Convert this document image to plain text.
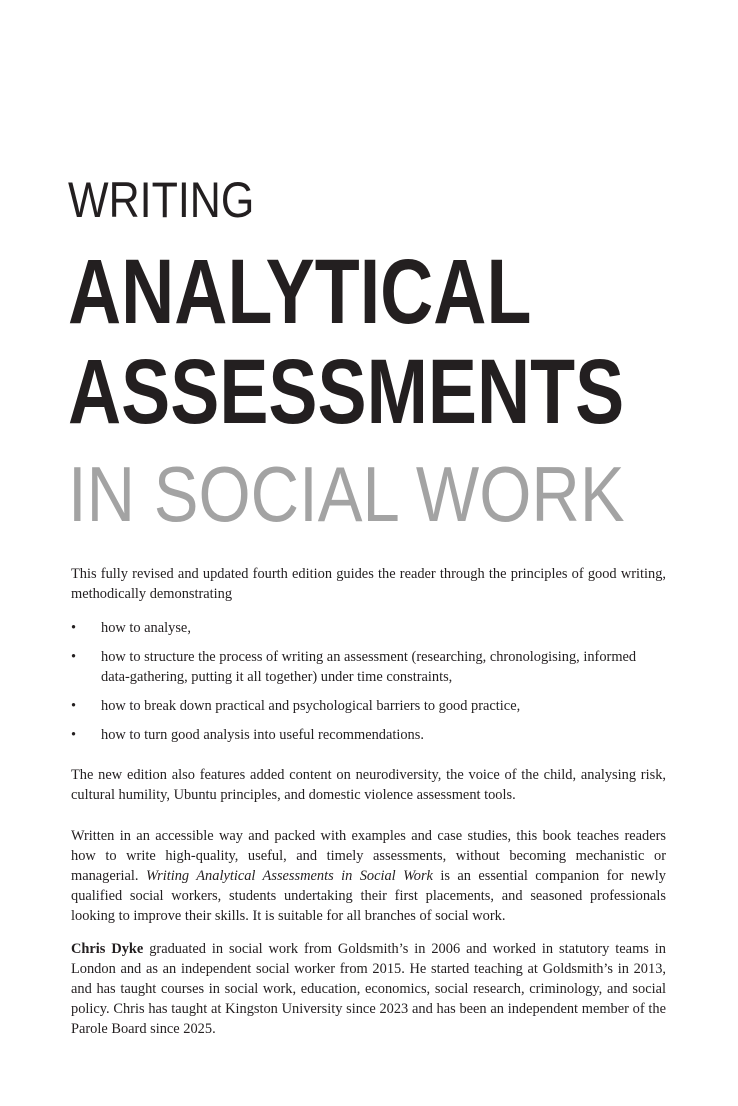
WRITING
ANALYTICAL
ASSESSMENTS
IN SOCIAL WORK

This fully revised and updated fourth edition guides the reader through the principles of good writing, methodically demonstrating

• how to analyse,
• how to structure the process of writing an assessment (researching, chronologising, informed data-gathering, putting it all together) under time constraints,
• how to break down practical and psychological barriers to good practice,
• how to turn good analysis into useful recommendations.

The new edition also features added content on neurodiversity, the voice of the child, analysing risk, cultural humility, Ubuntu principles, and domestic violence assessment tools.

Written in an accessible way and packed with examples and case studies, this book teaches readers how to write high-quality, useful, and timely assessments, without becoming mechanistic or managerial. Writing Analytical Assessments in Social Work is an essential companion for newly qualified social workers, students undertaking their first placements, and seasoned professionals looking to improve their skills. It is suitable for all branches of social work.

Chris Dyke graduated in social work from Goldsmith’s in 2006 and worked in statutory teams in London and as an independent social worker from 2015. He started teaching at Goldsmith’s in 2013, and has taught courses in social work, education, economics, social research, criminology, and social policy. Chris has taught at Kingston University since 2023 and has been an independent member of the Parole Board since 2025.
